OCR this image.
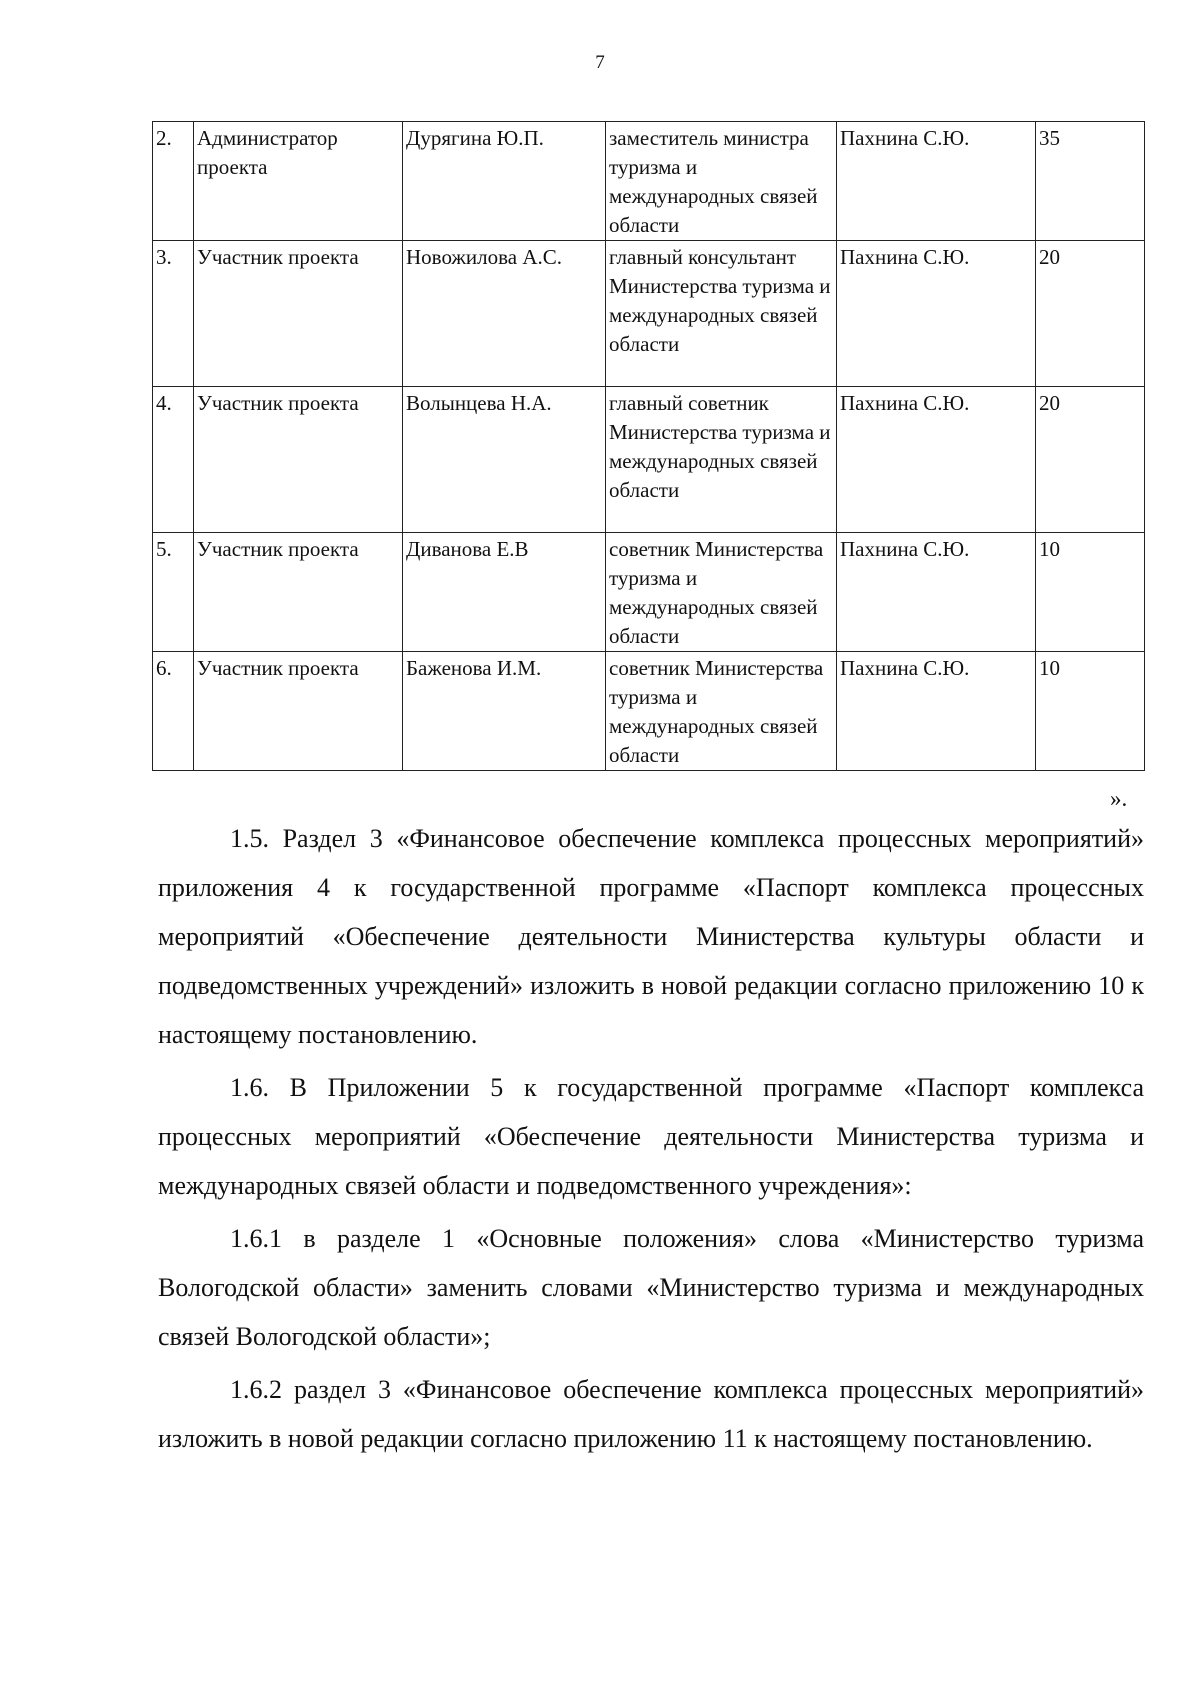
7
2.	Администратор проекта	Дурягина Ю.П.	заместитель министра туризма и международных связей области	Пахнина С.Ю.	35
3.	Участник проекта	Новожилова А.С.	главный консультант Министерства туризма и международных связей области	Пахнина С.Ю.	20
4.	Участник проекта	Волынцева Н.А.	главный советник Министерства туризма и международных связей области	Пахнина С.Ю.	20
5.	Участник проекта	Диванова Е.В	советник Министерства туризма и международных связей области	Пахнина С.Ю.	10
6.	Участник проекта	Баженова И.М.	советник Министерства туризма и международных связей области	Пахнина С.Ю.	10
».

1.5. Раздел 3 «Финансовое обеспечение комплекса процессных мероприятий» приложения 4 к государственной программе «Паспорт комплекса процессных мероприятий «Обеспечение деятельности Министерства культуры области и подведомственных учреждений» изложить в новой редакции согласно приложению 10 к настоящему постановлению.

1.6. В Приложении 5 к государственной программе «Паспорт комплекса процессных мероприятий «Обеспечение деятельности Министерства туризма и международных связей области и подведомственного учреждения»:

1.6.1 в разделе 1 «Основные положения» слова «Министерство туризма Вологодской области» заменить словами «Министерство туризма и международных связей Вологодской области»;

1.6.2 раздел 3 «Финансовое обеспечение комплекса процессных мероприятий» изложить в новой редакции согласно приложению 11 к настоящему постановлению.
